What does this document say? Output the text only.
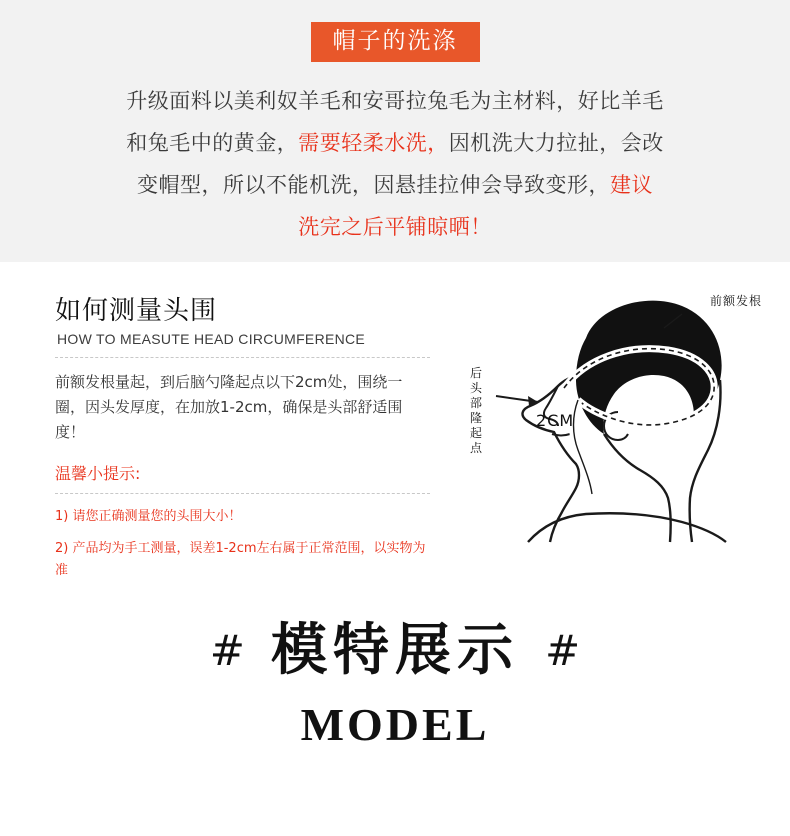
帽子的洗涤
升级面料以美利奴羊毛和安哥拉兔毛为主材料，好比羊毛
和兔毛中的黄金，需要轻柔水洗，因机洗大力拉扯，会改
变帽型，所以不能机洗，因悬挂拉伸会导致变形，建议
洗完之后平铺晾晒！
如何测量头围
HOW TO MEASUTE HEAD CIRCUMFERENCE

前额发根量起，到后脑勺隆起点以下2cm处，围绕一圈，因头发厚度，在加放1-2cm，确保是头部舒适围度！

温馨小提示:

1) 请您正确测量您的头围大小！

2) 产品均为手工测量，误差1-2cm左右属于正常范围，以实物为准

前额发根
后头部隆起点
2CM
# 模特展示 #
MODEL
